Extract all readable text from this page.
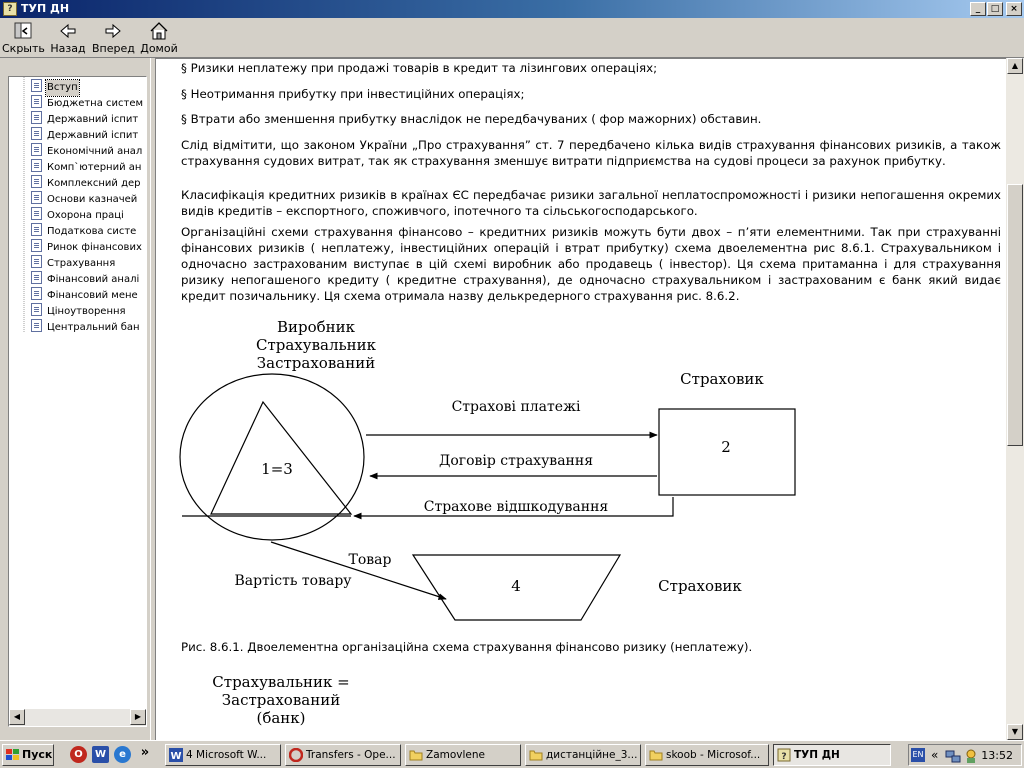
? ТУП ДН	_	□	×
Скрыть Назад Вперед Домой
Вступ
Бюджетна систем
Державний іспит
Державний іспит
Економічний анал
Комп`ютерний ан
Комплексний дер
Основи казначей
Охорона праці
Податкова систе
Ринок фінансових
Страхування
Фінансовий аналі
Фінансовий мене
Ціноутворення
Центральний бан
◀	▶
§ Ризики неплатежу при продажі товарів в кредит та лізингових операціях;
§ Неотримання прибутку при інвестиційних операціях;
§ Втрати або зменшення прибутку внаслідок не передбачуваних ( фор мажорних) обставин.
Слід відмітити, що законом України „Про страхування” ст. 7 передбачено кілька видів страхування фінансових ризиків, а також страхування судових витрат, так як страхування зменшує витрати підприємства на судові процеси за рахунок прибутку.
Класифікація кредитних ризиків в країнах ЄС передбачає ризики загальної неплатоспроможності і ризики непогашення окремих видів кредитів – експортного, споживчого, іпотечного та сільськогосподарського.
Організаційні схеми страхування фінансово – кредитних ризиків можуть бути двох – п’яти елементними. Так при страхуванні фінансових ризиків ( неплатежу, інвестиційних операцій і втрат прибутку) схема двоелементна рис 8.6.1. Страхувальником і одночасно застрахованим виступає в цій схемі виробник або продавець ( інвестор). Ця схема притаманна і для страхування ризику непогашеного кредиту ( кредитне страхування), де одночасно страхувальником і застрахованим є банк який видає кредит позичальнику. Ця схема отримала назву делькредерного страхування рис. 8.6.2.
Виробник
Страхувальник
Застрахований
1=3
Страховик
2
Страхові платежі
Договір страхування
Страхове відшкодування
Товар
Вартість товару	4	Страховик
Рис. 8.6.1. Двоелементна організаційна схема страхування фінансово ризику (неплатежу).
Страхувальник =
Застрахований
(банк)
▲
▼
Пуск	O	W	e	» W 4 Microsoft W...	Transfers - Ope...	Zamovlene	дистанційне_3...	skoob - Microsof...	? ТУП ДН	EN «	13:52
